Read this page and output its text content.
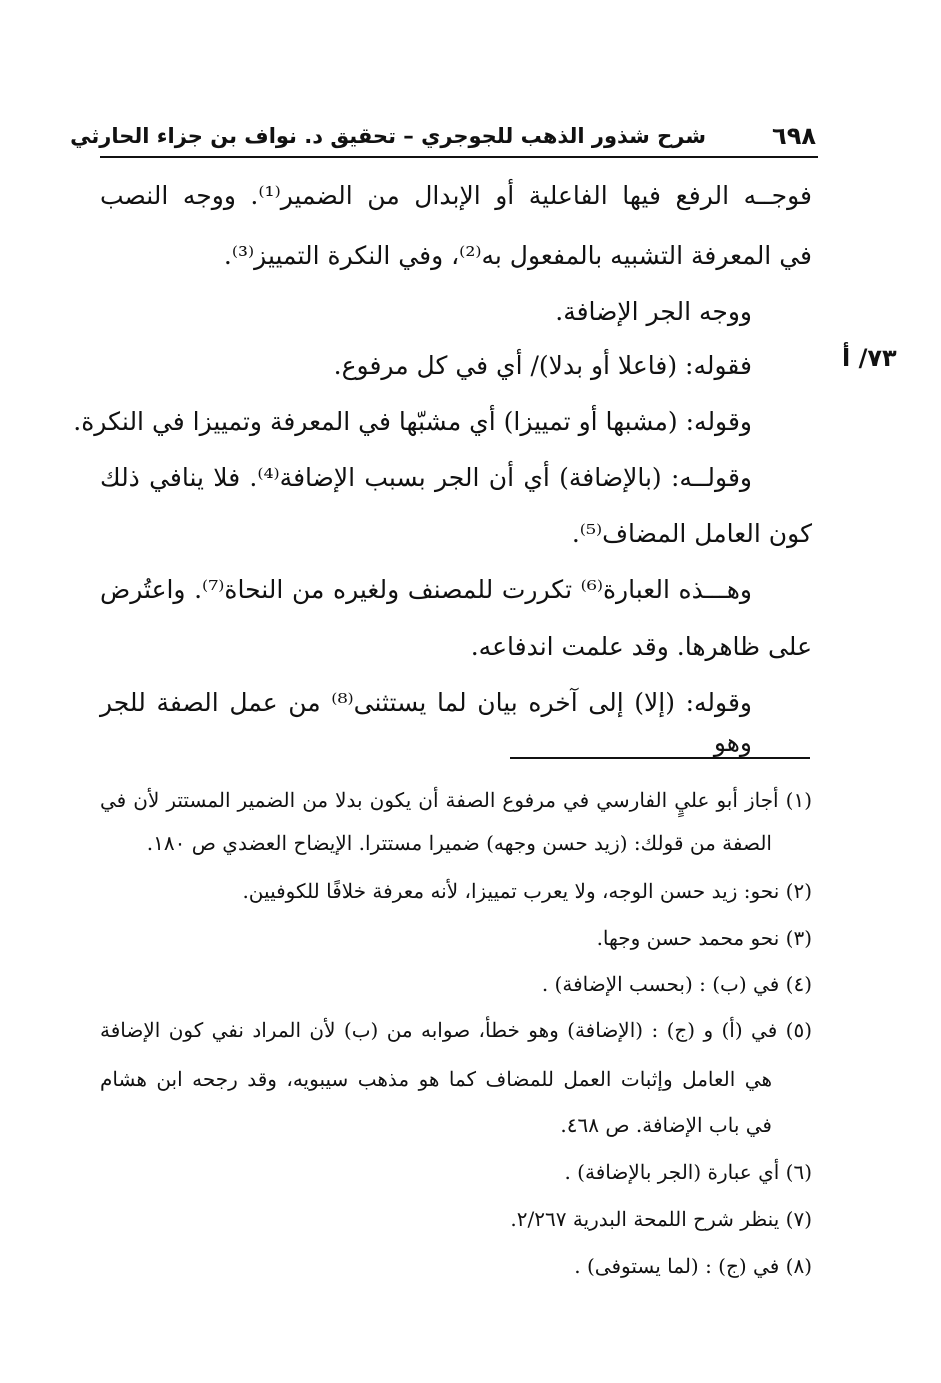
٦٩٨
شرح شذور الذهب للجوجري – تحقيق د. نواف بن جزاء الحارثي
٧٣/ أ
فوجــه الرفع فيها الفاعلية أو الإبدال من الضمير⁽¹⁾. ووجه النصب
في المعرفة التشبيه بالمفعول به⁽²⁾، وفي النكرة التمييز⁽³⁾.
ووجه الجر الإضافة.
فقوله: (فاعلا أو بدلا)/ أي في كل مرفوع.
وقوله: (مشبها أو تمييزا) أي مشبّها في المعرفة وتمييزا في النكرة.
وقولــه: (بالإضافة) أي أن الجر بسبب الإضافة⁽⁴⁾. فلا ينافي ذلك
كون العامل المضاف⁽⁵⁾.
وهـــذه العبارة⁽⁶⁾ تكررت للمصنف ولغيره من النحاة⁽⁷⁾. واعتُرض
على ظاهرها. وقد علمت اندفاعه.
وقوله: (إلا) إلى آخره بيان لما يستثنى⁽⁸⁾ من عمل الصفة للجر وهو
(١) أجاز أبو عليٍ الفارسي في مرفوع الصفة أن يكون بدلا من الضمير المستتر لأن في
الصفة من قولك: (زيد حسن وجهه) ضميرا مستترا. الإيضاح العضدي ص ١٨٠.
(٢) نحو: زيد حسن الوجه، ولا يعرب تمييزا، لأنه معرفة خلافًا للكوفيين.
(٣) نحو محمد حسن وجها.
(٤) في (ب) : (بحسب الإضافة) .
(٥) في (أ) و (ج) : (الإضافة) وهو خطأ، صوابه من (ب) لأن المراد نفي كون الإضافة
هي العامل وإثبات العمل للمضاف كما هو مذهب سيبويه، وقد رجحه ابن هشام
في باب الإضافة. ص ٤٦٨.
(٦) أي عبارة (الجر بالإضافة) .
(٧) ينظر شرح اللمحة البدرية ٢/٢٦٧.
(٨) في (ج) : (لما يستوفى) .
